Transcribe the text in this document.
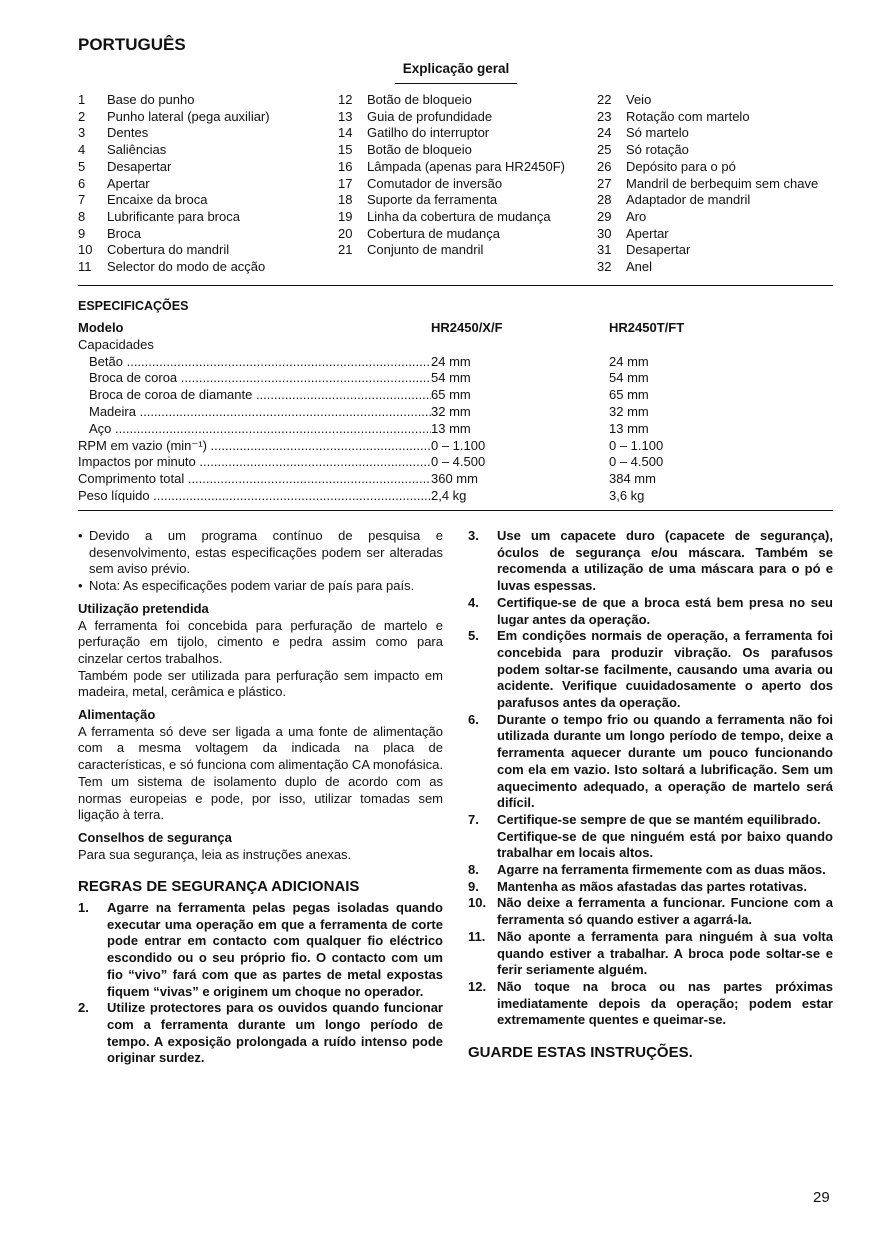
PORTUGUÊS
Explicação geral
1	Base do punho
2	Punho lateral (pega auxiliar)
3	Dentes
4	Saliências
5	Desapertar
6	Apertar
7	Encaixe da broca
8	Lubrificante para broca
9	Broca
10	Cobertura do mandril
11	Selector do modo de acção
12	Botão de bloqueio
13	Guia de profundidade
14	Gatilho do interruptor
15	Botão de bloqueio
16	Lâmpada (apenas para HR2450F)
17	Comutador de inversão
18	Suporte da ferramenta
19	Linha da cobertura de mudança
20	Cobertura de mudança
21	Conjunto de mandril
22	Veio
23	Rotação com martelo
24	Só martelo
25	Só rotação
26	Depósito para o pó
27	Mandril de berbequim sem chave
28	Adaptador de mandril
29	Aro
30	Apertar
31	Desapertar
32	Anel
ESPECIFICAÇÕES
Modelo	HR2450/X/F	HR2450T/FT
Capacidades
Betão .....	24 mm	24 mm
Broca de coroa .....	54 mm	54 mm
Broca de coroa de diamante .....	65 mm	65 mm
Madeira .....	32 mm	32 mm
Aço .....	13 mm	13 mm
RPM em vazio (min⁻¹) .....	0 – 1.100	0 – 1.100
Impactos por minuto .....	0 – 4.500	0 – 4.500
Comprimento total .....	360 mm	384 mm
Peso líquido .....	2,4 kg	3,6 kg
• Devido a um programa contínuo de pesquisa e desenvolvimento, estas especificações podem ser alteradas sem aviso prévio.
• Nota: As especificações podem variar de país para país.
Utilização pretendida

A ferramenta foi concebida para perfuração de martelo e perfuração em tijolo, cimento e pedra assim como para cinzelar certos trabalhos.

Também pode ser utilizada para perfuração sem impacto em madeira, metal, cerâmica e plástico.

Alimentação

A ferramenta só deve ser ligada a uma fonte de alimentação com a mesma voltagem da indicada na placa de características, e só funciona com alimentação CA monofásica. Tem um sistema de isolamento duplo de acordo com as normas europeias e pode, por isso, utilizar tomadas sem ligação à terra.

Conselhos de segurança

Para sua segurança, leia as instruções anexas.

REGRAS DE SEGURANÇA ADICIONAIS
1.	Agarre na ferramenta pelas pegas isoladas quando executar uma operação em que a ferramenta de corte pode entrar em contacto com qualquer fio eléctrico escondido ou o seu próprio fio. O contacto com um fio “vivo” fará com que as partes de metal expostas fiquem “vivas” e originem um choque no operador.
2.	Utilize protectores para os ouvidos quando funcionar com a ferramenta durante um longo período de tempo. A exposição prolongada a ruído intenso pode originar surdez.
3.	Use um capacete duro (capacete de segurança), óculos de segurança e/ou máscara. Também se recomenda a utilização de uma máscara para o pó e luvas espessas.
4.	Certifique-se de que a broca está bem presa no seu lugar antes da operação.
5.	Em condições normais de operação, a ferramenta foi concebida para produzir vibração. Os parafusos podem soltar-se facilmente, causando uma avaria ou acidente. Verifique cuuidadosamente o aperto dos parafusos antes da operação.
6.	Durante o tempo frio ou quando a ferramenta não foi utilizada durante um longo período de tempo, deixe a ferramenta aquecer durante um pouco funcionando com ela em vazio. Isto soltará a lubrificação. Sem um aquecimento adequado, a operação de martelo será difícil.
7.	Certifique-se sempre de que se mantém equilibrado.
Certifique-se de que ninguém está por baixo quando trabalhar em locais altos.
8.	Agarre na ferramenta firmemente com as duas mãos.
9.	Mantenha as mãos afastadas das partes rotativas.
10. Não deixe a ferramenta a funcionar. Funcione com a ferramenta só quando estiver a agarrá-la.
11. Não aponte a ferramenta para ninguém à sua volta quando estiver a trabalhar. A broca pode soltar-se e ferir seriamente alguém.
12. Não toque na broca ou nas partes próximas imediatamente depois da operação; podem estar extremamente quentes e queimar-se.
GUARDE ESTAS INSTRUÇÕES.
29
